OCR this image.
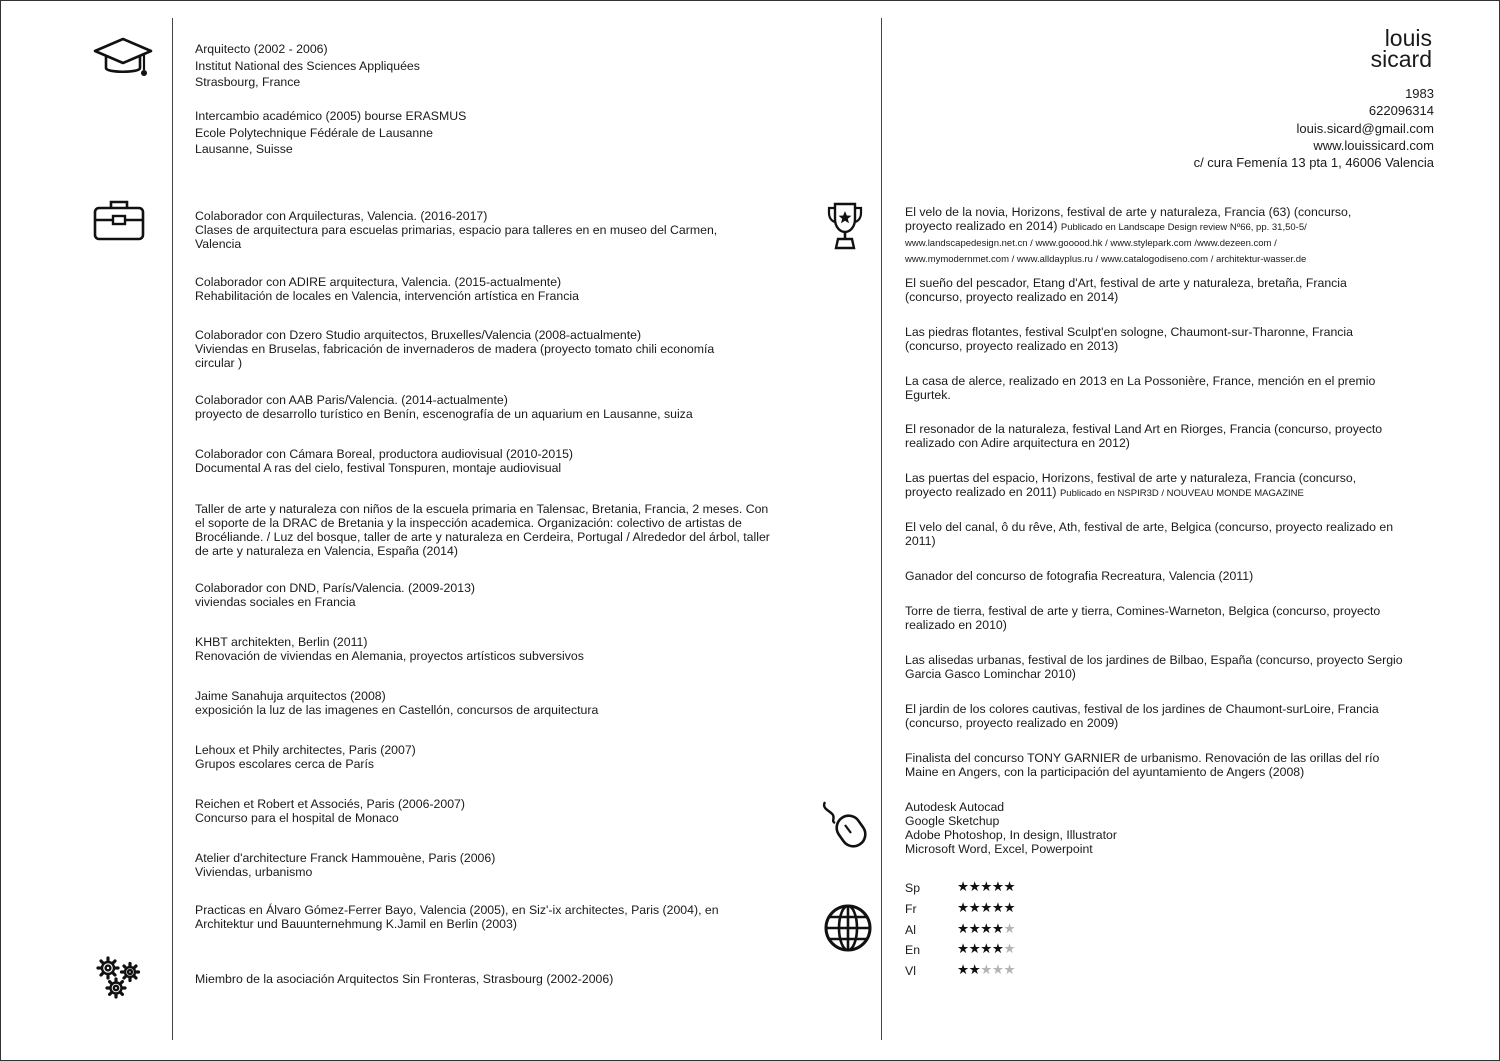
louis
sicard
1983
622096314
louis.sicard@gmail.com
www.louissicard.com
c/ cura Femenía 13 pta 1, 46006 Valencia
Arquitecto (2002 - 2006)
Institut National des Sciences Appliquées
Strasbourg, France
Intercambio académico (2005) bourse ERASMUS
Ecole Polytechnique Fédérale de Lausanne
Lausanne, Suisse
Colaborador con Arquilecturas, Valencia. (2016-2017)
Clases de arquitectura para escuelas primarias, espacio para talleres en en museo del Carmen, Valencia
Colaborador con ADIRE arquitectura, Valencia. (2015-actualmente)
Rehabilitación de locales en Valencia, intervención artística en Francia
Colaborador con Dzero Studio arquitectos, Bruxelles/Valencia (2008-actualmente)
Viviendas en Bruselas, fabricación de invernaderos de madera (proyecto tomato chili economía circular )
Colaborador con AAB Paris/Valencia. (2014-actualmente)
proyecto de desarrollo turístico en Benín, escenografía de un aquarium en Lausanne, suiza
Colaborador con Cámara Boreal, productora audiovisual (2010-2015)
Documental A ras del cielo, festival Tonspuren, montaje audiovisual
Taller de arte y naturaleza con niños de la escuela primaria en Talensac, Bretania, Francia, 2 meses. Con el soporte de la DRAC de Bretania y la inspección academica. Organización: colectivo de artistas de Brocéliande. / Luz del bosque, taller de arte y naturaleza en Cerdeira, Portugal / Alrededor del árbol, taller de arte y naturaleza en Valencia, España (2014)
Colaborador con DND, París/Valencia. (2009-2013)
viviendas sociales en Francia
KHBT architekten, Berlin (2011)
Renovación de viviendas en Alemania, proyectos artísticos subversivos
Jaime Sanahuja arquitectos (2008)
exposición la luz de las imagenes en Castellón, concursos de arquitectura
Lehoux et Phily architectes, Paris (2007)
Grupos escolares cerca de París
Reichen et Robert et Associés, Paris (2006-2007)
Concurso para el hospital de Monaco
Atelier d'architecture Franck Hammouène, Paris (2006)
Viviendas, urbanismo
Practicas en Álvaro Gómez-Ferrer Bayo, Valencia (2005), en Siz'-ix architectes, Paris (2004), en Architektur und Bauunternehmung K.Jamil en Berlin (2003)
Miembro de la asociación Arquitectos Sin Fronteras, Strasbourg (2002-2006)
El velo de la novia, Horizons, festival de arte y naturaleza, Francia (63) (concurso, proyecto realizado en 2014) Publicado en Landscape Design review Nº66, pp. 31,50-5/ www.landscapedesign.net.cn / www.gooood.hk / www.stylepark.com /www.dezeen.com / www.mymodernmet.com / www.alldayplus.ru / www.catalogodiseno.com / architektur-wasser.de
El sueño del pescador, Etang d'Art, festival de arte y naturaleza, bretaña, Francia (concurso, proyecto realizado en 2014)
Las piedras flotantes, festival Sculpt'en sologne, Chaumont-sur-Tharonne, Francia (concurso, proyecto realizado en 2013)
La casa de alerce, realizado en 2013 en La Possonière, France, mención en el premio Egurtek.
El resonador de la naturaleza, festival Land Art en Riorges, Francia (concurso, proyecto realizado con Adire arquitectura en 2012)
Las puertas del espacio, Horizons, festival de arte y naturaleza, Francia (concurso, proyecto realizado en 2011) Publicado en NSPIR3D / NOUVEAU MONDE MAGAZINE
El velo del canal, ô du rêve, Ath, festival de arte, Belgica (concurso, proyecto realizado en 2011)
Ganador del concurso de fotografia Recreatura, Valencia (2011)
Torre de tierra, festival de arte y tierra, Comines-Warneton, Belgica (concurso, proyecto realizado en 2010)
Las alisedas urbanas, festival de los jardines de Bilbao, España (concurso, proyecto Sergio Garcia Gasco Lominchar 2010)
El jardin de los colores cautivas, festival de los jardines de Chaumont-surLoire, Francia (concurso, proyecto realizado en 2009)
Finalista del concurso TONY GARNIER de urbanismo. Renovación de las orillas del río Maine en Angers, con la participación del ayuntamiento de Angers (2008)
Autodesk Autocad
Google Sketchup
Adobe Photoshop, In design, Illustrator
Microsoft Word, Excel, Powerpoint
Sp	★★★★★
Fr	★★★★★
Al	★★★★★
En	★★★★★
Vl	★★★★★
